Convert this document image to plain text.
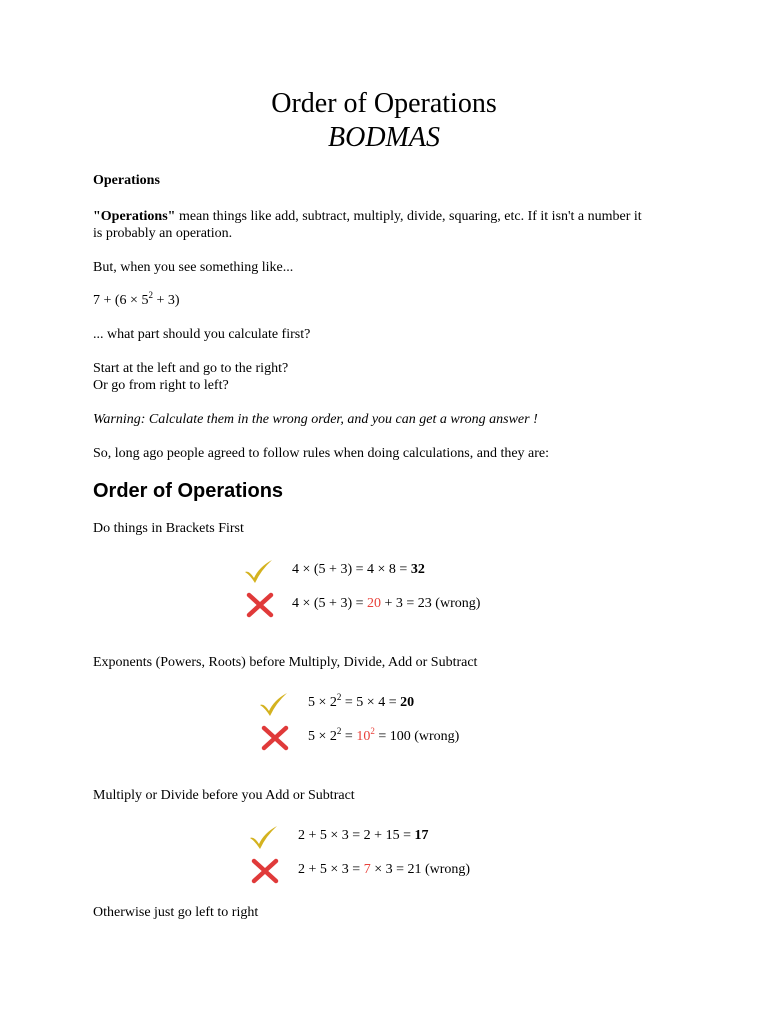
Order of Operations
BODMAS
Operations
"Operations" mean things like add, subtract, multiply, divide, squaring, etc. If it isn't a number it is probably an operation.
But, when you see something like...
$7 + (6 \times 5^2 + 3)$
... what part should you calculate first?
Start at the left and go to the right?
Or go from right to left?
Warning: Calculate them in the wrong order, and you can get a wrong answer !
So, long ago people agreed to follow rules when doing calculations, and they are:
Order of Operations
Do things in Brackets First
4 × (5 + 3) = 4 × 8 = 32
4 × (5 + 3) = 20 + 3 = 23 (wrong)
Exponents (Powers, Roots) before Multiply, Divide, Add or Subtract
$5 \times 2^2 = 5 \times 4 = 20$
$5 \times 2^2 = 10^2 = 100$ (wrong)
Multiply or Divide before you Add or Subtract
2 + 5 × 3 = 2 + 15 = 17
2 + 5 × 3 = 7 × 3 = 21 (wrong)
Otherwise just go left to right
